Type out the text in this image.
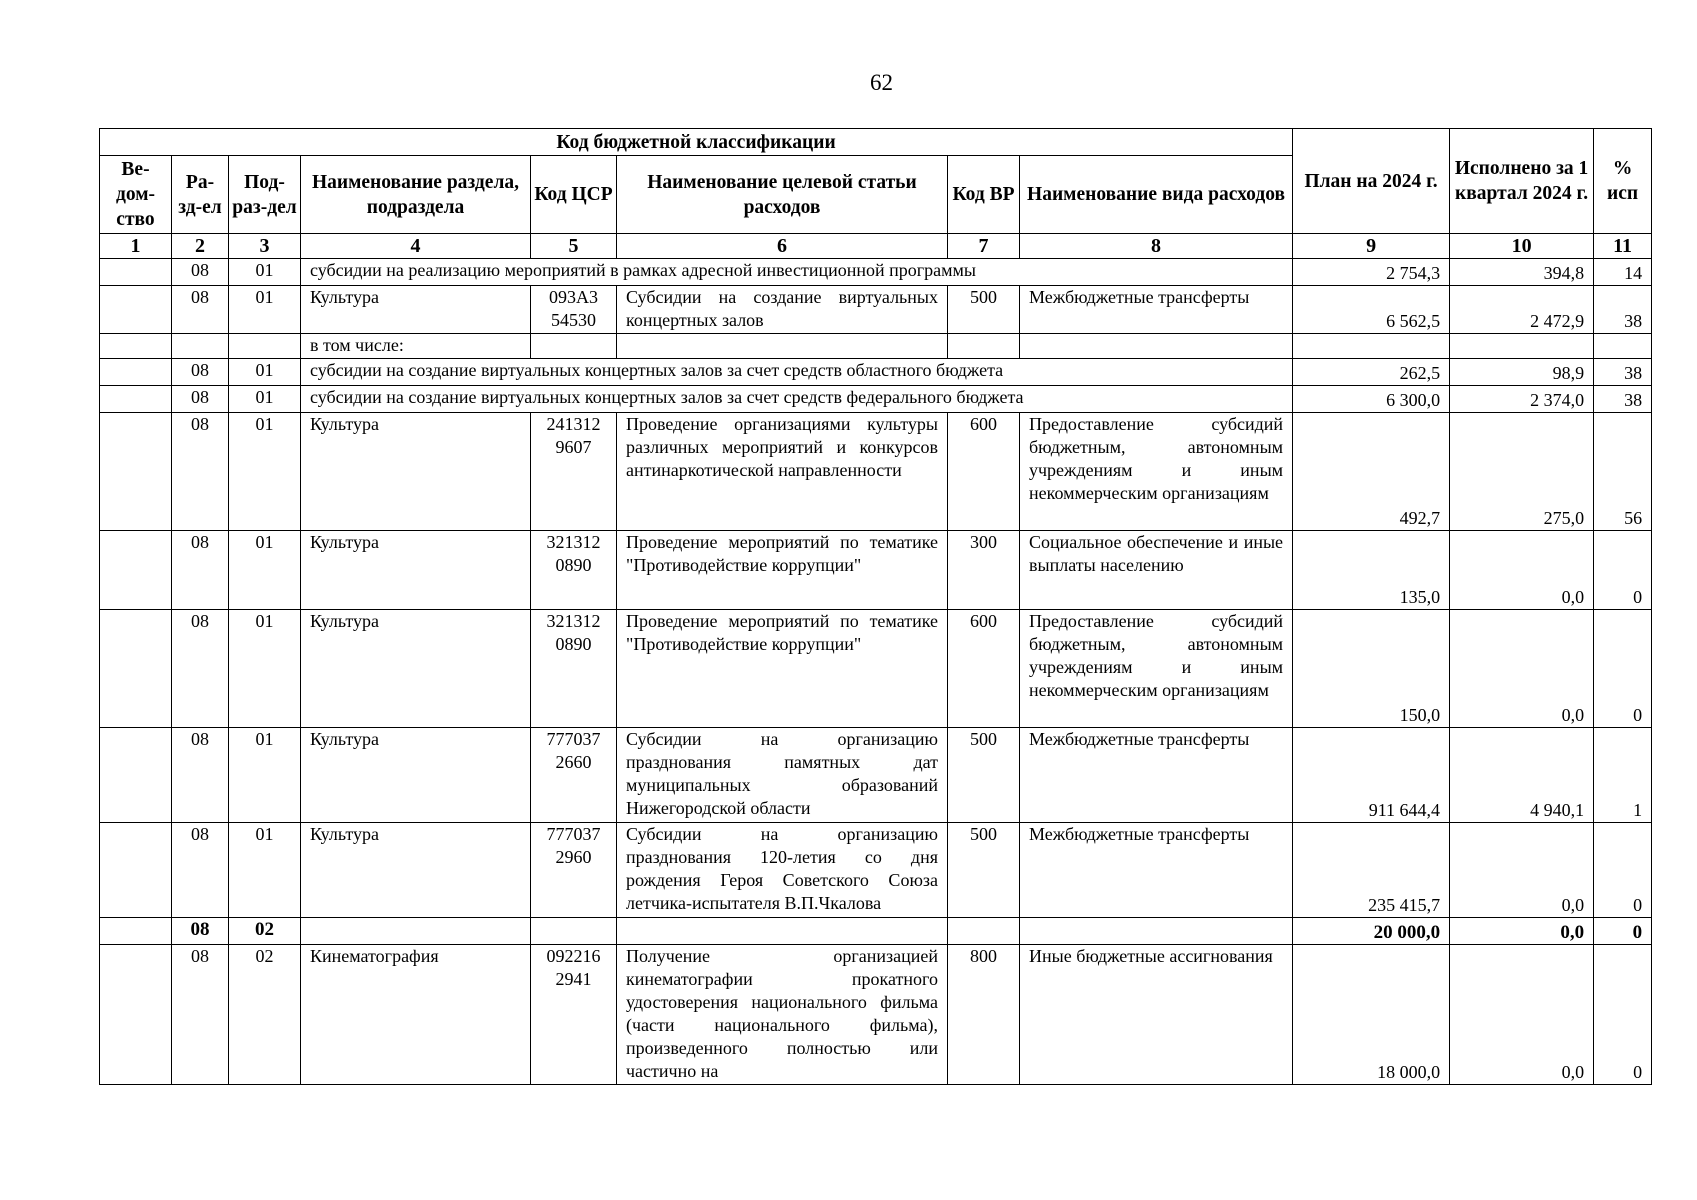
62
Код бюджетной классификации								План на 2024 г.	Исполнено за 1 квартал 2024 г.	% исп
Ве-дом-ство	Ра-зд-ел	Под-раз-дел	Наименование раздела, подраздела	Код ЦСР	Наименование целевой статьи расходов	Код ВР	Наименование вида расходов			
1	2	3	4	5	6	7	8	9	10	11
	08	01	субсидии на реализацию мероприятий в рамках адресной инвестиционной программы					2 754,3	394,8	14
	08	01	Культура	093A3 54530	Субсидии на создание виртуальных концертных залов	500	Межбюджетные трансферты	6 562,5	2 472,9	38
			в том числе:							
	08	01	субсидии на создание виртуальных концертных залов за счет средств областного бюджета					262,5	98,9	38
	08	01	субсидии на создание виртуальных концертных залов за счет средств федерального бюджета					6 300,0	2 374,0	38
	08	01	Культура	241312 9607	Проведение организациями культуры различных мероприятий и конкурсов антинаркотической направленности	600	Предоставление субсидий бюджетным, автономным учреждениям и иным некоммерческим организациям	492,7	275,0	56
	08	01	Культура	321312 0890	Проведение мероприятий по тематике "Противодействие коррупции"	300	Социальное обеспечение и иные выплаты населению	135,0	0,0	0
	08	01	Культура	321312 0890	Проведение мероприятий по тематике "Противодействие коррупции"	600	Предоставление субсидий бюджетным, автономным учреждениям и иным некоммерческим организациям	150,0	0,0	0
	08	01	Культура	777037 2660	Субсидии на организацию празднования памятных дат муниципальных образований Нижегородской области	500	Межбюджетные трансферты	911 644,4	4 940,1	1
	08	01	Культура	777037 2960	Субсидии на организацию празднования 120-летия со дня рождения Героя Советского Союза летчика-испытателя В.П.Чкалова	500	Межбюджетные трансферты	235 415,7	0,0	0
	08	02						20 000,0	0,0	0
	08	02	Кинематография	092216 2941	Получение организацией кинематографии прокатного удостоверения национального фильма (части национального фильма), произведенного полностью или частично на	800	Иные бюджетные ассигнования	18 000,0	0,0	0
